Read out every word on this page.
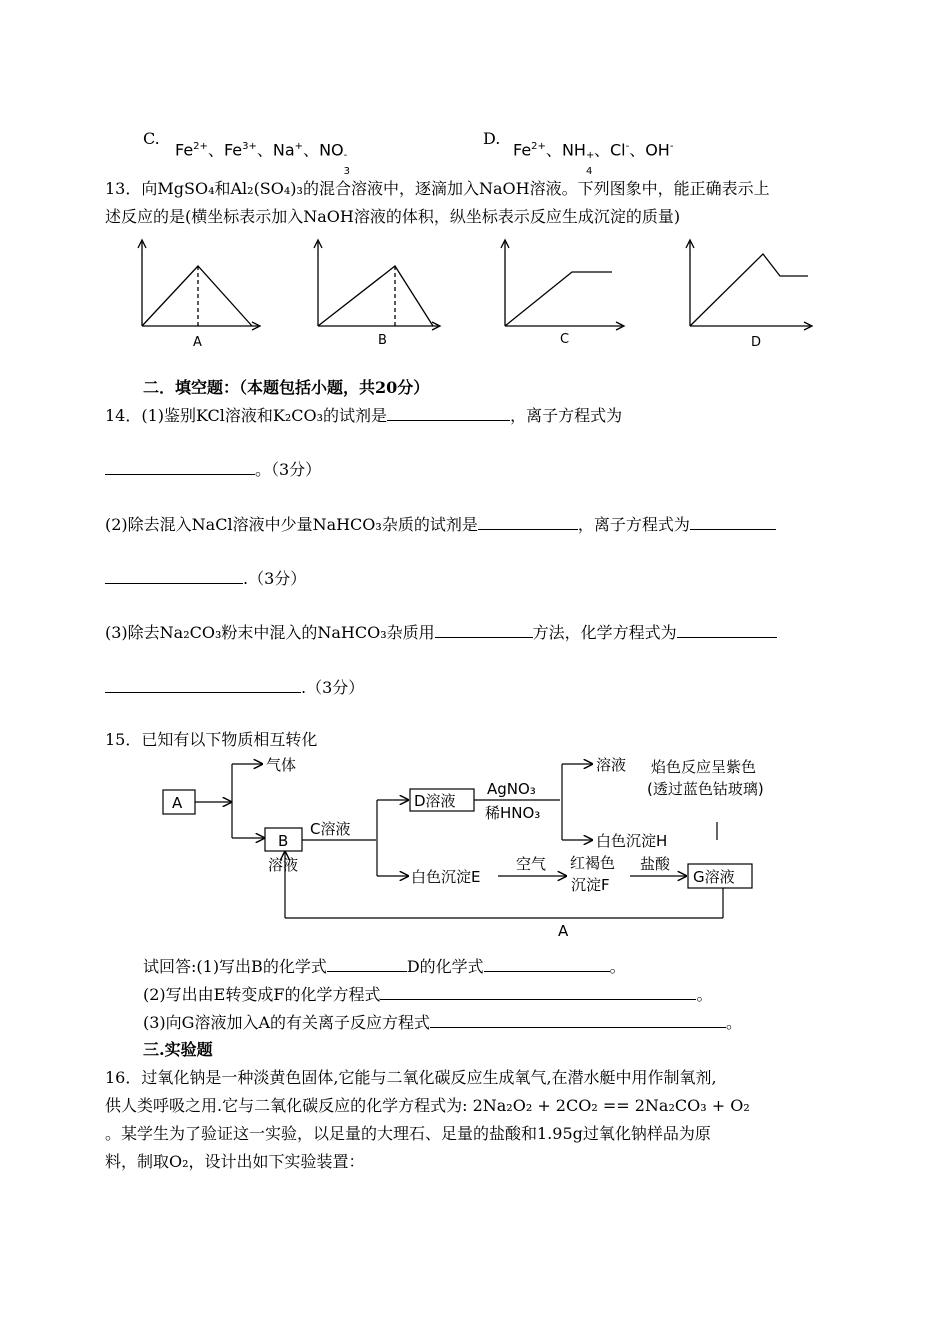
C.
$Fe^{2+}$、$Fe^{3+}$、Na+、NO -
3
D.
$Fe^{2+}$、NH +
4
、Cl-、OH-
13．向MgSO₄和Al₂(SO₄)₃的混合溶液中，逐滴加入NaOH溶液。下列图象中，能正确表示上
述反应的是(横坐标表示加入NaOH溶液的体积，纵坐标表示反应生成沉淀的质量)
A	B	C	D
二．填空题：（本题包括小题，共20分）
14．(1)鉴别KCl溶液和K₂CO₃的试剂是	，离子方程式为
。（3分）
(2)除去混入NaCl溶液中少量NaHCO₃杂质的试剂是	，离子方程式为
.（3分）
(3)除去Na₂CO₃粉末中混入的NaHCO₃杂质用	方法，化学方程式为
.（3分）
15．已知有以下物质相互转化
A
气体
B
溶液
C溶液
D溶液
AgNO₃
稀HNO₃
溶液 焰色反应呈紫色
(透过蓝色钴玻璃)
白色沉淀H
白色沉淀E
空气 红褐色
沉淀F
盐酸
G溶液
A
试回答:(1)写出B的化学式	D的化学式	。
(2)写出由E转变成F的化学方程式	。
(3)向G溶液加入A的有关离子反应方程式	。
三.实验题
16．过氧化钠是一种淡黄色固体,它能与二氧化碳反应生成氧气,在潜水艇中用作制氧剂,
供人类呼吸之用.它与二氧化碳反应的化学方程式为: 2Na₂O₂ + 2CO₂ == 2Na₂CO₃ + O₂
。某学生为了验证这一实验，以足量的大理石、足量的盐酸和1.95g过氧化钠样品为原
料，制取O₂，设计出如下实验装置：
